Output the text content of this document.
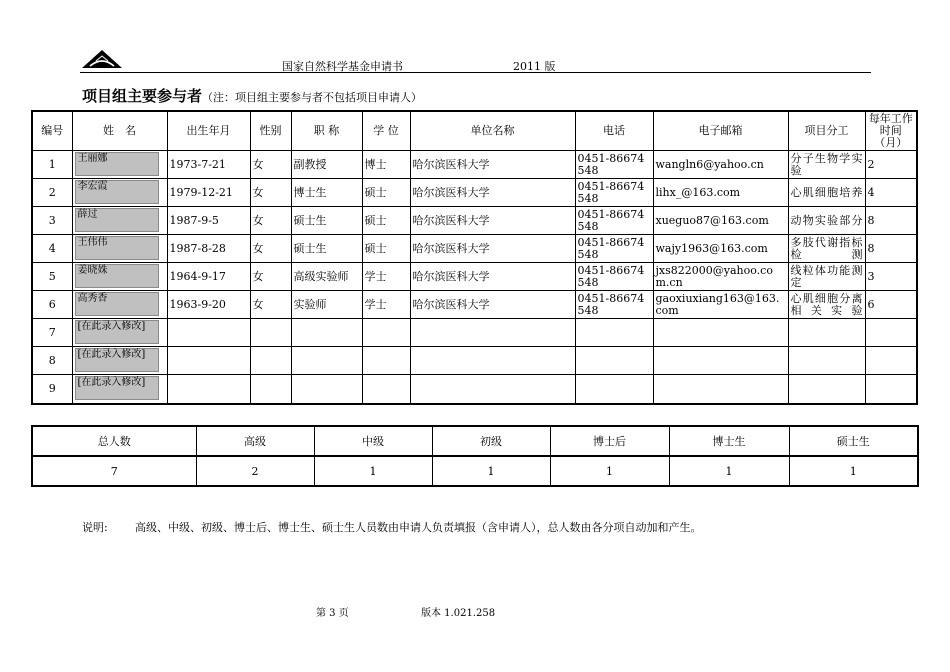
国家自然科学基金申请书	2011 版
项目组主要参与者（注：项目组主要参与者不包括项目申请人）
编号	姓　名	出生年月	性别	职 称	学 位	单位名称	电话	电子邮箱	项目分工	每年工作时间（月）
1	王丽娜	1973-7-21	女	副教授	博士	哈尔滨医科大学	0451-86674548	wangln6@yahoo.cn	分子生物学实验	2
2	李宏霞	1979-12-21	女	博士生	硕士	哈尔滨医科大学	0451-86674548	lihx_@163.com	心肌细胞培养	4
3	薛过	1987-9-5	女	硕士生	硕士	哈尔滨医科大学	0451-86674548	xueguo87@163.com	动物实验部分	8
4	王伟伟	1987-8-28	女	硕士生	硕士	哈尔滨医科大学	0451-86674548	wajy1963@163.com	多肢代谢指标检测	8
5	姜晓姝	1964-9-17	女	高级实验师	学士	哈尔滨医科大学	0451-86674548	jxs822000@yahoo.com.cn	线粒体功能测定	3
6	高秀香	1963-9-20	女	实验师	学士	哈尔滨医科大学	0451-86674548	gaoxiuxiang163@163.com	心肌细胞分离相关实验	6
7	[在此录入修改]									

8	[在此录入修改]									

9	[在此录入修改]									

总人数	高级	中级	初级	博士后	博士生	硕士生
7	2	1	1	1	1	1
说明: 高级、中级、初级、博士后、博士生、硕士生人员数由申请人负责填报（含申请人），总人数由各分项自动加和产生。
第 3 页	版本 1.021.258
